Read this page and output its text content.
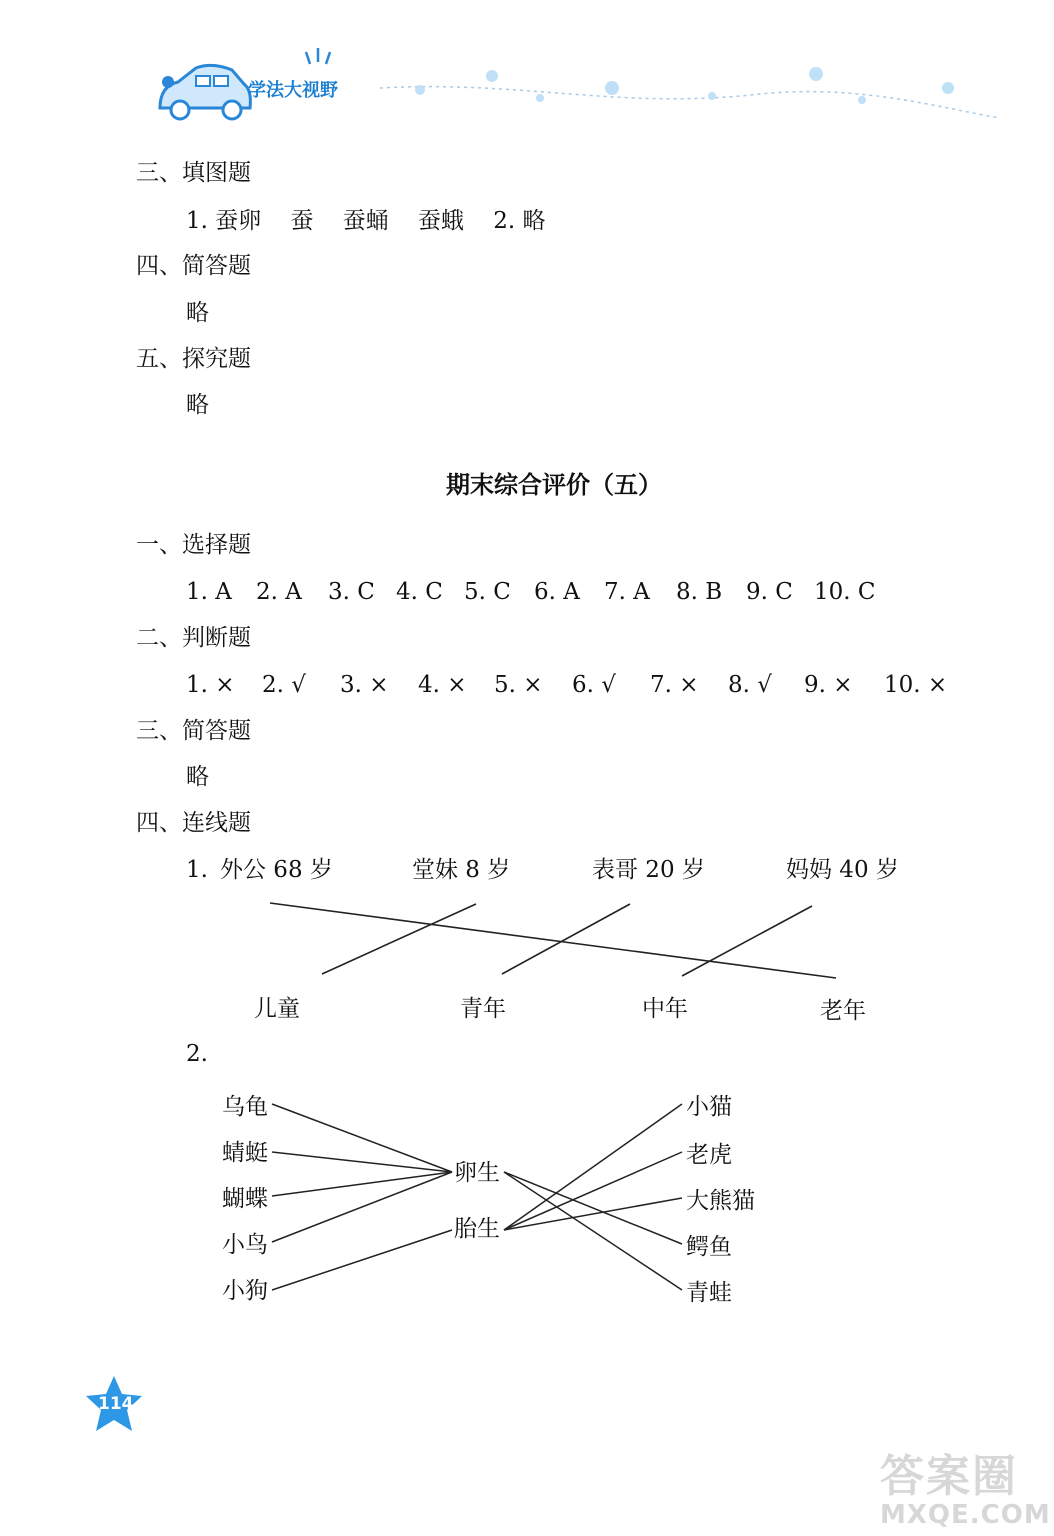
学法大视野
三、填图题
1. 蚕卵    蚕    蚕蛹    蚕蛾    2. 略
四、简答题
略
五、探究题
略
期末综合评价（五）
一、选择题
1. A 2. A 3. C 4. C 5. C 6. A 7. A 8. B 9. C 10. C
二、判断题
1. × 2. √ 3. × 4. × 5. × 6. √ 7. × 8. √ 9. × 10. ×
三、简答题
略
四、连线题
1. 外公 68 岁	堂妹 8 岁	表哥 20 岁	妈妈 40 岁
儿童	青年	中年	老年
2.
乌龟
蜻蜓
蝴蝶
小鸟
小狗
卵生
胎生
小猫
老虎
大熊猫
鳄鱼
青蛙
114
答案圈
MXQE.COM
